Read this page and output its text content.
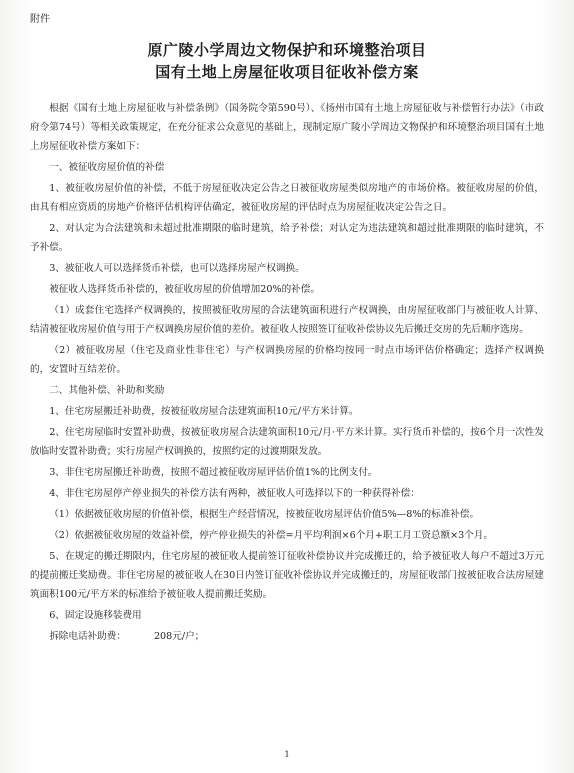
附件
原广陵小学周边文物保护和环境整治项目
国有土地上房屋征收项目征收补偿方案

根据《国有土地上房屋征收与补偿条例》（国务院令第590号）、《扬州市国有土地上房屋征收与补偿暂行办法》（市政府令第74号）等相关政策规定，在充分征求公众意见的基础上，现制定原广陵小学周边文物保护和环境整治项目国有土地上房屋征收补偿方案如下：

一、被征收房屋价值的补偿

1、被征收房屋价值的补偿，不低于房屋征收决定公告之日被征收房屋类似房地产的市场价格。被征收房屋的价值，由具有相应资质的房地产价格评估机构评估确定，被征收房屋的评估时点为房屋征收决定公告之日。

2、对认定为合法建筑和未超过批准期限的临时建筑，给予补偿；对认定为违法建筑和超过批准期限的临时建筑，不予补偿。

3、被征收人可以选择货币补偿，也可以选择房屋产权调换。

被征收人选择货币补偿的，被征收房屋的价值增加20%的补偿。

（1）成套住宅选择产权调换的，按照被征收房屋的合法建筑面积进行产权调换，由房屋征收部门与被征收人计算、结清被征收房屋价值与用于产权调换房屋价值的差价。被征收人按照签订征收补偿协议先后搬迁交房的先后顺序选房。

（2）被征收房屋（住宅及商业性非住宅）与产权调换房屋的价格均按同一时点市场评估价格确定；选择产权调换的，安置时互结差价。

二、其他补偿、补助和奖励

1、住宅房屋搬迁补助费，按被征收房屋合法建筑面积10元/平方米计算。

2、住宅房屋临时安置补助费，按被征收房屋合法建筑面积10元/月·平方米计算。实行货币补偿的，按6个月一次性发放临时安置补助费；实行房屋产权调换的，按照约定的过渡期限发放。

3、非住宅房屋搬迁补助费，按照不超过被征收房屋评估价值1%的比例支付。

4、非住宅房屋停产停业损失的补偿方法有两种，被征收人可选择以下的一种获得补偿：

（1）依据被征收房屋的价值补偿，根据生产经营情况，按被征收房屋评估价值5%—8%的标准补偿。

（2）依据被征收房屋的效益补偿，停产停业损失的补偿=月平均利润×6个月+职工月工资总额×3个月。

5、在规定的搬迁期限内，住宅房屋的被征收人提前签订征收补偿协议并完成搬迁的，给予被征收人每户不超过3万元的提前搬迁奖励费。非住宅房屋的被征收人在30日内签订征收补偿协议并完成搬迁的，房屋征收部门按被征收合法房屋建筑面积100元/平方米的标准给予被征收人提前搬迁奖励。

6、固定设施移装费用

拆除电话补助费：	208元/户；
1
